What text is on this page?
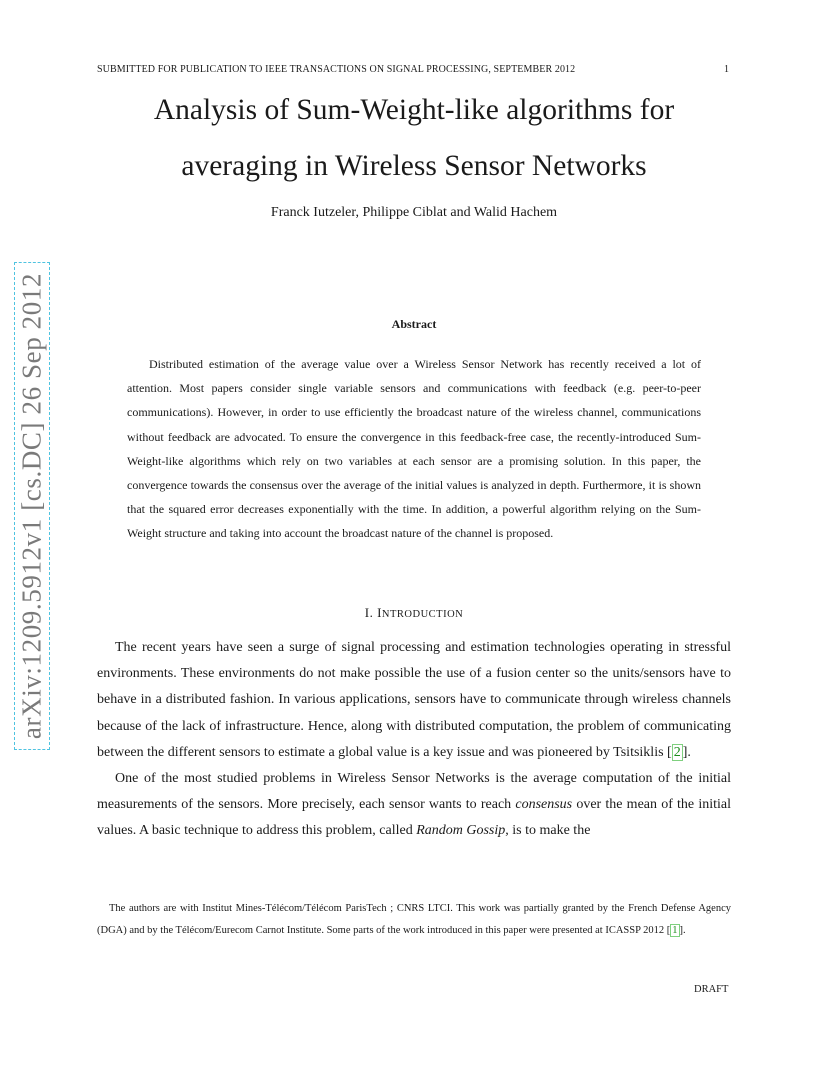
SUBMITTED FOR PUBLICATION TO IEEE TRANSACTIONS ON SIGNAL PROCESSING, SEPTEMBER 2012	1
Analysis of Sum-Weight-like algorithms for
averaging in Wireless Sensor Networks
Franck Iutzeler, Philippe Ciblat and Walid Hachem
arXiv:1209.5912v1 [cs.DC] 26 Sep 2012	Abstract
Distributed estimation of the average value over a Wireless Sensor Network has recently received a lot of attention. Most papers consider single variable sensors and communications with feedback (e.g. peer-to-peer communications). However, in order to use efficiently the broadcast nature of the wireless channel, communications without feedback are advocated. To ensure the convergence in this feedback-free case, the recently-introduced Sum-Weight-like algorithms which rely on two variables at each sensor are a promising solution. In this paper, the convergence towards the consensus over the average of the initial values is analyzed in depth. Furthermore, it is shown that the squared error decreases exponentially with the time. In addition, a powerful algorithm relying on the Sum-Weight structure and taking into account the broadcast nature of the channel is proposed.
I. INTRODUCTION

The recent years have seen a surge of signal processing and estimation technologies operating in stressful environments. These environments do not make possible the use of a fusion center so the units/sensors have to behave in a distributed fashion. In various applications, sensors have to communicate through wireless channels because of the lack of infrastructure. Hence, along with distributed computation, the problem of communicating between the different sensors to estimate a global value is a key issue and was pioneered by Tsitsiklis [ 2 ].

One of the most studied problems in Wireless Sensor Networks is the average computation of the initial measurements of the sensors. More precisely, each sensor wants to reach consensus over the mean of the initial values. A basic technique to address this problem, called Random Gossip, is to make the

The authors are with Institut Mines-Télécom/Télécom ParisTech ; CNRS LTCI. This work was partially granted by the French Defense Agency (DGA) and by the Télécom/Eurecom Carnot Institute. Some parts of the work introduced in this paper were presented at ICASSP 2012 [ 1 ].

DRAFT
